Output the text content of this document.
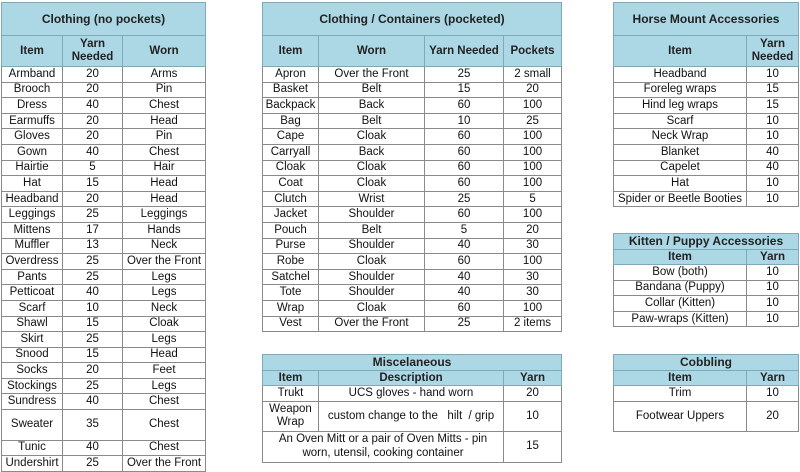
Clothing (no pockets)		
Item	Yarn Needed	Worn
Armband	20	Arms
Brooch	20	Pin
Dress	40	Chest
Earmuffs	20	Head
Gloves	20	Pin
Gown	40	Chest
Hairtie	5	Hair
Hat	15	Head
Headband	20	Head
Leggings	25	Leggings
Mittens	17	Hands
Muffler	13	Neck
Overdress	25	Over the Front
Pants	25	Legs
Petticoat	40	Legs
Scarf	10	Neck
Shawl	15	Cloak
Skirt	25	Legs
Snood	15	Head
Socks	20	Feet
Stockings	25	Legs
Sundress	40	Chest
Sweater	35	Chest
Tunic	40	Chest
Undershirt	25	Over the Front
Clothing / Containers (pocketed)			
Item	Worn	Yarn Needed	Pockets
Apron	Over the Front	25	2 small
Basket	Belt	15	20
Backpack	Back	60	100
Bag	Belt	10	25
Cape	Cloak	60	100
Carryall	Back	60	100
Cloak	Cloak	60	100
Coat	Cloak	60	100
Clutch	Wrist	25	5
Jacket	Shoulder	60	100
Pouch	Belt	5	20
Purse	Shoulder	40	30
Robe	Cloak	60	100
Satchel	Shoulder	40	30
Tote	Shoulder	40	30
Wrap	Cloak	60	100
Vest	Over the Front	25	2 items
Horse Mount Accessories	
Item	Yarn Needed
Headband	10
Foreleg wraps	15
Hind leg wraps	15
Scarf	10
Neck Wrap	10
Blanket	40
Capelet	40
Hat	10
Spider or Beetle Booties	10
Kitten / Puppy Accessories	
Item	Yarn
Bow (both)	10
Bandana (Puppy)	10
Collar (Kitten)	10
Paw-wraps (Kitten)	10
Miscelaneous		
Item	Description	Yarn
Trukt	UCS gloves - hand worn	20
Weapon Wrap	custom change to the   hilt  / grip	10
An Oven Mitt or a pair of Oven Mitts - pin worn, utensil, cooking container		15
Cobbling	
Item	Yarn
Trim	10
Footwear Uppers	20
